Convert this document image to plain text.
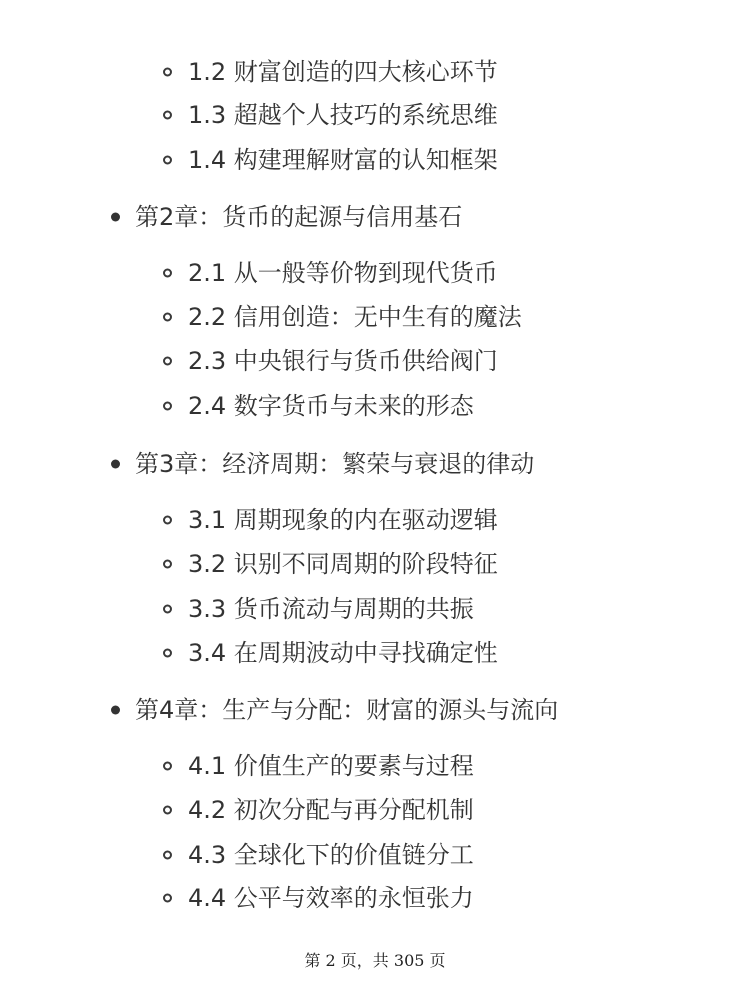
1.2 财富创造的四大核心环节
1.3 超越个人技巧的系统思维
1.4 构建理解财富的认知框架
第2章：货币的起源与信用基石
2.1 从一般等价物到现代货币
2.2 信用创造：无中生有的魔法
2.3 中央银行与货币供给阀门
2.4 数字货币与未来的形态
第3章：经济周期：繁荣与衰退的律动
3.1 周期现象的内在驱动逻辑
3.2 识别不同周期的阶段特征
3.3 货币流动与周期的共振
3.4 在周期波动中寻找确定性
第4章：生产与分配：财富的源头与流向
4.1 价值生产的要素与过程
4.2 初次分配与再分配机制
4.3 全球化下的价值链分工
4.4 公平与效率的永恒张力
第 2 页，共 305 页
